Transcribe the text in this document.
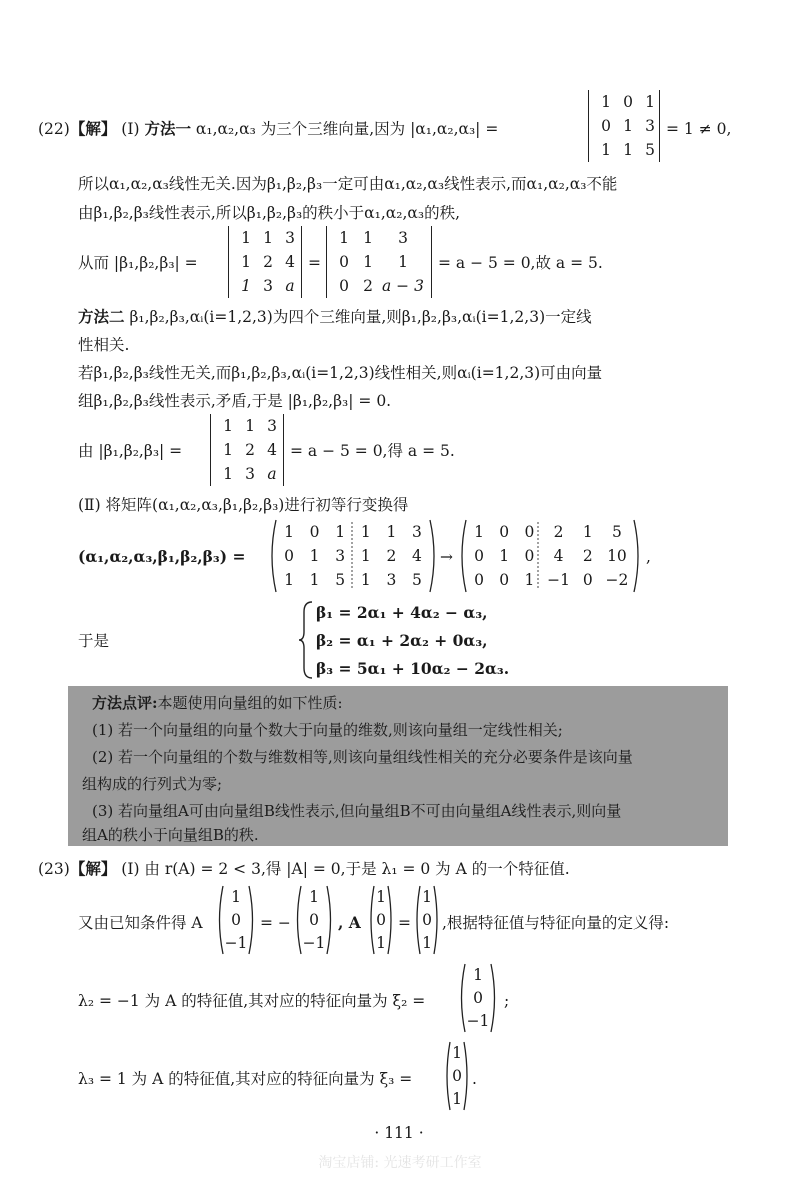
(22)【解】 (Ⅰ) 方法一 α₁,α₂,α₃ 为三个三维向量,因为 |α₁,α₂,α₃| =
1 0 1
0 1 3
1 1 5
= 1 ≠ 0,
所以α₁,α₂,α₃线性无关.因为β₁,β₂,β₃一定可由α₁,α₂,α₃线性表示,而α₁,α₂,α₃不能
由β₁,β₂,β₃线性表示,所以β₁,β₂,β₃的秩小于α₁,α₂,α₃的秩,
从而 |β₁,β₂,β₃| =
1 1 3
1 2 4
1 3 a
=
1 1	3
0 1	1
0 2 a − 3
= a − 5 = 0,故 a = 5.
方法二 β₁,β₂,β₃,αᵢ(i=1,2,3)为四个三维向量,则β₁,β₂,β₃,αᵢ(i=1,2,3)一定线
性相关.
若β₁,β₂,β₃线性无关,而β₁,β₂,β₃,αᵢ(i=1,2,3)线性相关,则αᵢ(i=1,2,3)可由向量
组β₁,β₂,β₃线性表示,矛盾,于是 |β₁,β₂,β₃| = 0.
由 |β₁,β₂,β₃| =
1 1 3
1 2 4
1 3 a
= a − 5 = 0,得 a = 5.
(Ⅱ) 将矩阵(α₁,α₂,α₃,β₁,β₂,β₃)进行初等行变换得
(α₁,α₂,α₃,β₁,β₂,β₃) =
1	0	1	1	1	3
0	1	3	1	2	4
1	1	5	1	3	5
→
1 0 0	2	1	5
0 1 0	4	2 10
0 0 1 −1 0 −2
,
于是
β₁ = 2α₁ + 4α₂ − α₃,
β₂ = α₁ + 2α₂ + 0α₃,
β₃ = 5α₁ + 10α₂ − 2α₃.
方法点评:本题使用向量组的如下性质:
(1) 若一个向量组的向量个数大于向量的维数,则该向量组一定线性相关;
(2) 若一个向量组的个数与维数相等,则该向量组线性相关的充分必要条件是该向量
组构成的行列式为零;
(3) 若向量组A可由向量组B线性表示,但向量组B不可由向量组A线性表示,则向量
组A的秩小于向量组B的秩.
(23)【解】 (Ⅰ) 由 r(A) = 2 < 3,得 |A| = 0,于是 λ₁ = 0 为 A 的一个特征值.
又由已知条件得 A
1
0
−1
= −
1
0
−1
, A
1
0
1
=
1
0
1
,根据特征值与特征向量的定义得:
λ₂ = −1 为 A 的特征值,其对应的特征向量为 ξ₂ =
1
0
−1
;
λ₃ = 1 为 A 的特征值,其对应的特征向量为 ξ₃ =
1
0
1
.
· 111 ·
淘宝店铺: 光速考研工作室
